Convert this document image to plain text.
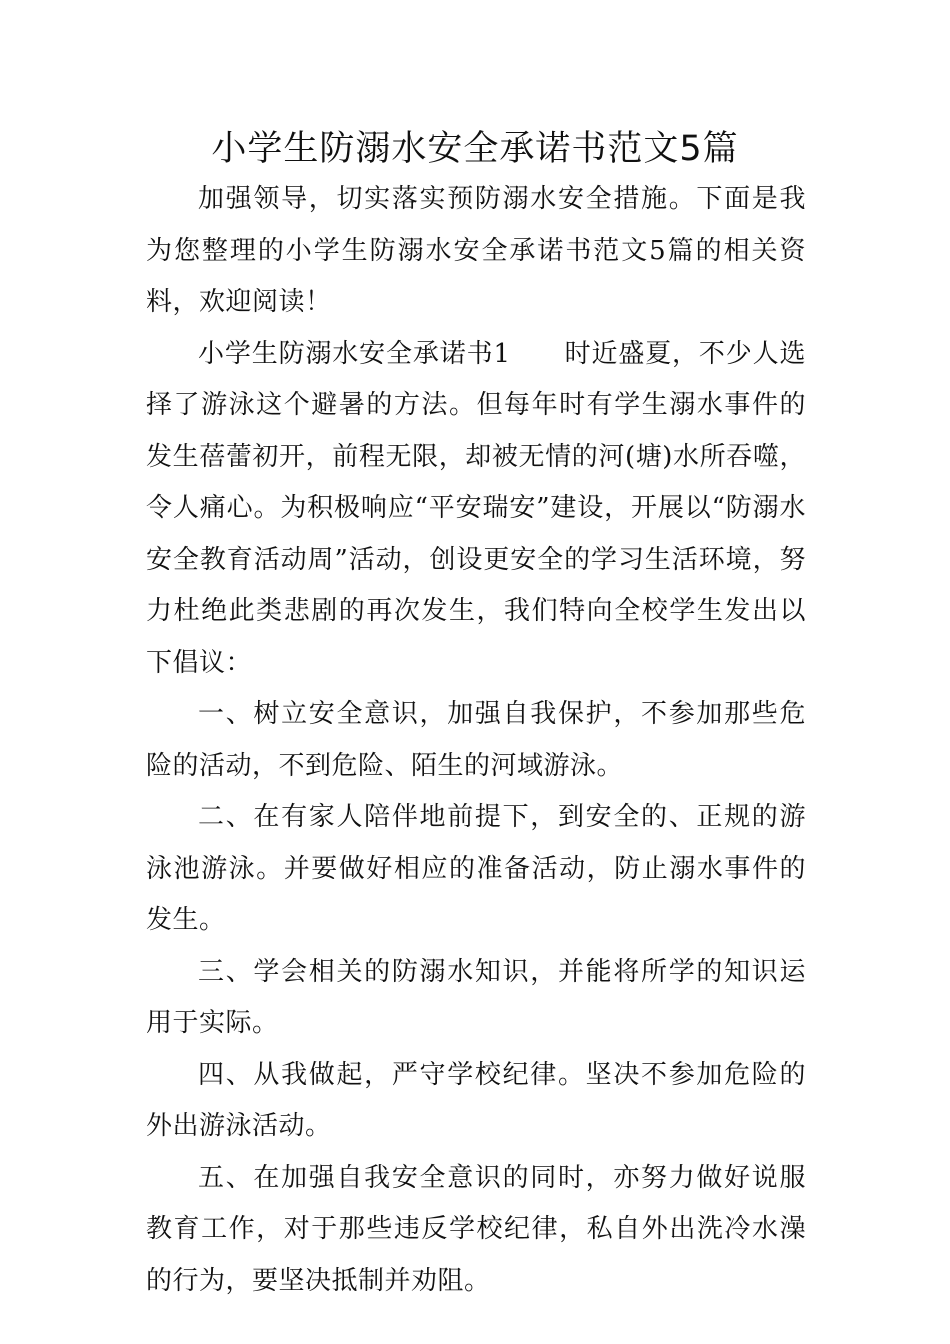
小学生防溺水安全承诺书范文5篇

加强领导，切实落实预防溺水安全措施。下面是我为您整理的小学生防溺水安全承诺书范文5篇的相关资料，欢迎阅读！

小学生防溺水安全承诺书1　　时近盛夏，不少人选择了游泳这个避暑的方法。但每年时有学生溺水事件的发生蓓蕾初开，前程无限，却被无情的河(塘)水所吞噬，令人痛心。为积极响应“平安瑞安”建设，开展以“防溺水安全教育活动周”活动，创设更安全的学习生活环境，努力杜绝此类悲剧的再次发生，我们特向全校学生发出以下倡议：

一、树立安全意识，加强自我保护，不参加那些危险的活动，不到危险、陌生的河域游泳。

二、在有家人陪伴地前提下，到安全的、正规的游泳池游泳。并要做好相应的准备活动，防止溺水事件的发生。

三、学会相关的防溺水知识，并能将所学的知识运用于实际。

四、从我做起，严守学校纪律。坚决不参加危险的外出游泳活动。

五、在加强自我安全意识的同时，亦努力做好说服教育工作，对于那些违反学校纪律，私自外出洗冷水澡的行为，要坚决抵制并劝阻。
